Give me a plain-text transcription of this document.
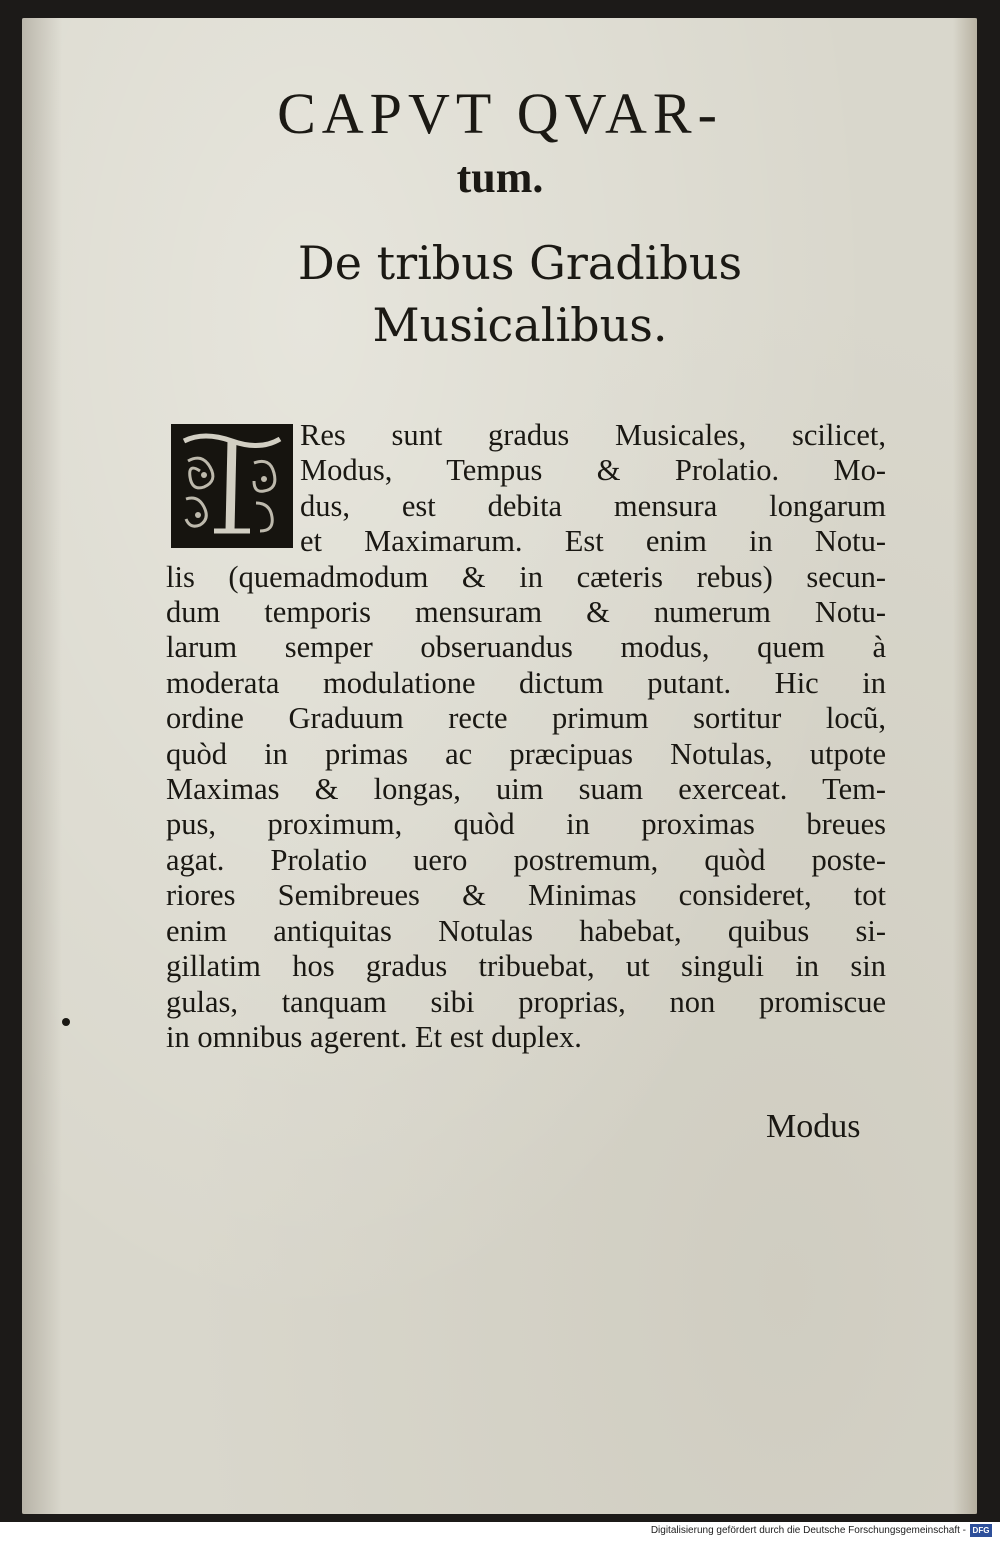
CAPVT QVAR-
tum.
De tribus Gradibus
Musicalibus.
Res sunt gradus Musicales, scilicet,
Modus, Tempus & Prolatio. Mo-
dus, est debita mensura longarum
et Maximarum. Est enim in Notu-
lis (quemadmodum & in cæteris rebus) secun-
dum temporis mensuram & numerum Notu-
larum semper obseruandus modus, quem à
moderata modulatione dictum putant. Hic in
ordine Graduum recte primum sortitur locũ,
quòd in primas ac præcipuas Notulas, utpote
Maximas & longas, uim suam exerceat. Tem-
pus, proximum, quòd in proximas breues
agat. Prolatio uero postremum, quòd poste-
riores Semibreues & Minimas consideret, tot
enim antiquitas Notulas habebat, quibus si-
gillatim hos gradus tribuebat, ut singuli in sin
gulas, tanquam sibi proprias, non promiscue
in omnibus agerent. Et est duplex.
Modus
Digitalisierung gefördert durch die Deutsche Forschungsgemeinschaft - DFG
